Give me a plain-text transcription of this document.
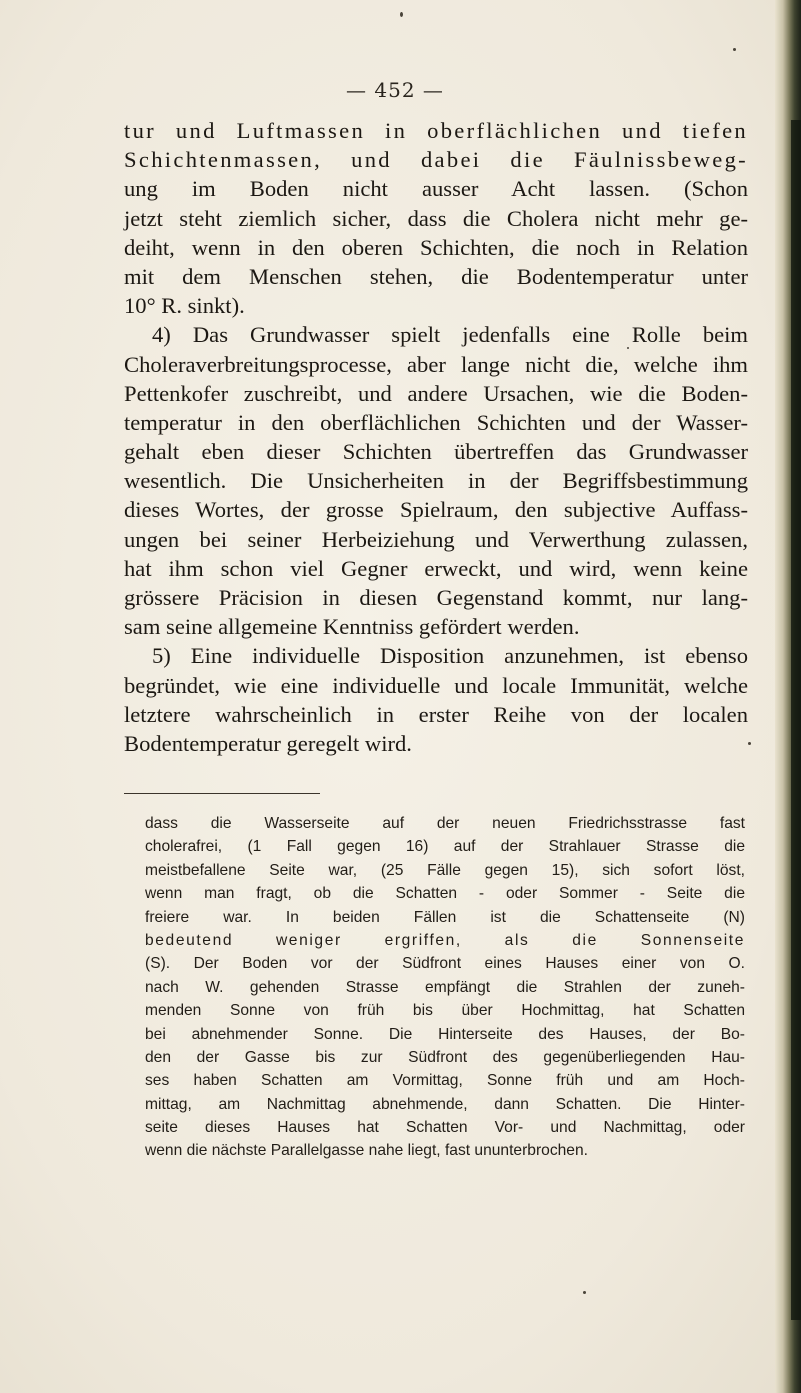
— 452 —
tur und Luftmassen in oberflächlichen und tiefen
Schichtenmassen, und dabei die Fäulnissbeweg-
ung im Boden nicht ausser Acht lassen. (Schon
jetzt steht ziemlich sicher, dass die Cholera nicht mehr ge-
deiht, wenn in den oberen Schichten, die noch in Relation
mit dem Menschen stehen, die Bodentemperatur unter
10° R. sinkt).
4) Das Grundwasser spielt jedenfalls eine Rolle beim
Choleraverbreitungsprocesse, aber lange nicht die, welche ihm
Pettenkofer zuschreibt, und andere Ursachen, wie die Boden-
temperatur in den oberflächlichen Schichten und der Wasser-
gehalt eben dieser Schichten übertreffen das Grundwasser
wesentlich. Die Unsicherheiten in der Begriffsbestimmung
dieses Wortes, der grosse Spielraum, den subjective Auffass-
ungen bei seiner Herbeiziehung und Verwerthung zulassen,
hat ihm schon viel Gegner erweckt, und wird, wenn keine
grössere Präcision in diesen Gegenstand kommt, nur lang-
sam seine allgemeine Kenntniss gefördert werden.
5) Eine individuelle Disposition anzunehmen, ist ebenso
begründet, wie eine individuelle und locale Immunität, welche
letztere wahrscheinlich in erster Reihe von der localen
Bodentemperatur geregelt wird.
dass die Wasserseite auf der neuen Friedrichsstrasse fast
cholerafrei, (1 Fall gegen 16) auf der Strahlauer Strasse die
meistbefallene Seite war, (25 Fälle gegen 15), sich sofort löst,
wenn man fragt, ob die Schatten - oder Sommer - Seite die
freiere war. In beiden Fällen ist die Schattenseite (N)
bedeutend weniger ergriffen, als die Sonnenseite
(S). Der Boden vor der Südfront eines Hauses einer von O.
nach W. gehenden Strasse empfängt die Strahlen der zuneh-
menden Sonne von früh bis über Hochmittag, hat Schatten
bei abnehmender Sonne. Die Hinterseite des Hauses, der Bo-
den der Gasse bis zur Südfront des gegenüberliegenden Hau-
ses haben Schatten am Vormittag, Sonne früh und am Hoch-
mittag, am Nachmittag abnehmende, dann Schatten. Die Hinter-
seite dieses Hauses hat Schatten Vor- und Nachmittag, oder
wenn die nächste Parallelgasse nahe liegt, fast ununterbrochen.
